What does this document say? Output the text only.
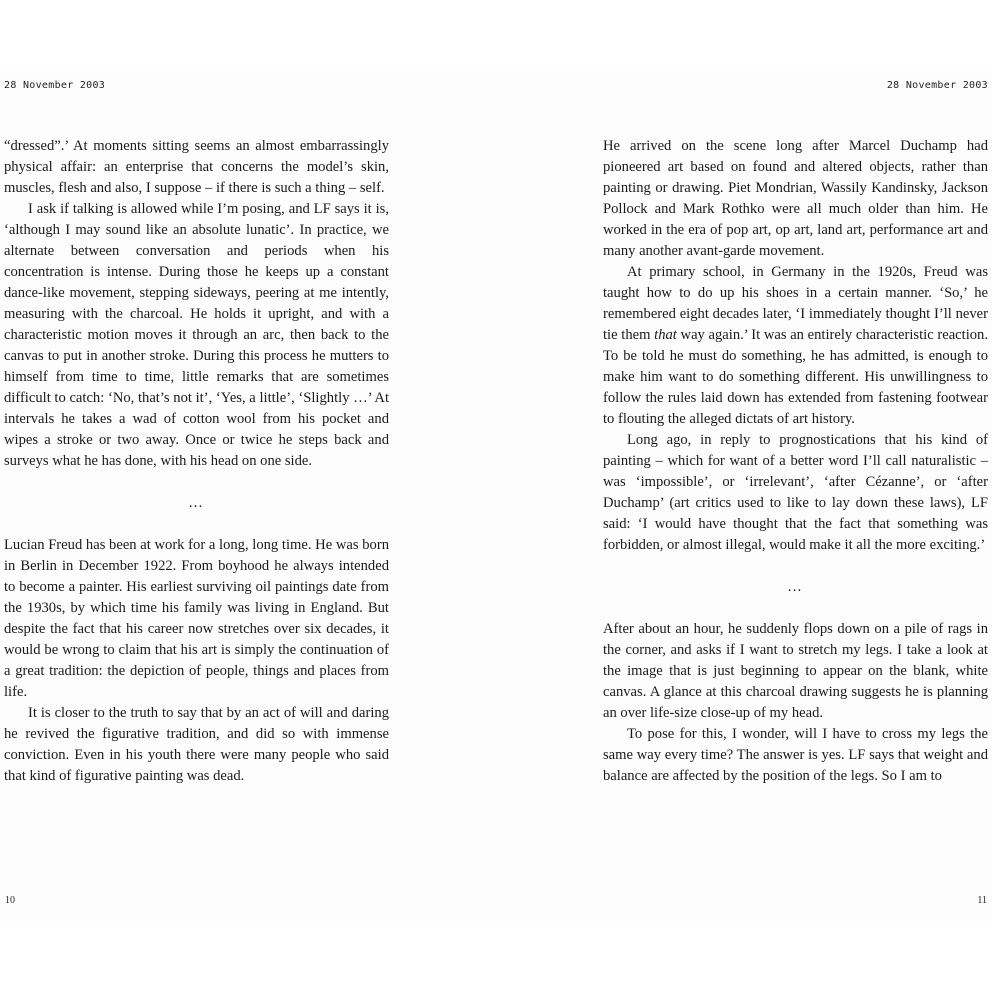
28 November 2003	28 November 2003

“dressed”.’ At moments sitting seems an almost embarrassingly physical affair: an enterprise that concerns the model’s skin, muscles, flesh and also, I suppose – if there is such a thing – self.

I ask if talking is allowed while I’m posing, and LF says it is, ‘although I may sound like an absolute lunatic’. In practice, we alternate between conversation and periods when his concentration is intense. During those he keeps up a constant dance-like movement, stepping sideways, peering at me intently, measuring with the charcoal. He holds it upright, and with a characteristic motion moves it through an arc, then back to the canvas to put in another stroke. During this process he mutters to himself from time to time, little remarks that are sometimes difficult to catch: ‘No, that’s not it’, ‘Yes, a little’, ‘Slightly …’ At intervals he takes a wad of cotton wool from his pocket and wipes a stroke or two away. Once or twice he steps back and surveys what he has done, with his head on one side.

…

Lucian Freud has been at work for a long, long time. He was born in Berlin in December 1922. From boyhood he always intended to become a painter. His earliest surviving oil paintings date from the 1930s, by which time his family was living in England. But despite the fact that his career now stretches over six decades, it would be wrong to claim that his art is simply the continuation of a great tradition: the depiction of people, things and places from life.

It is closer to the truth to say that by an act of will and daring he revived the figurative tradition, and did so with immense conviction. Even in his youth there were many people who said that kind of figurative painting was dead.

He arrived on the scene long after Marcel Duchamp had pioneered art based on found and altered objects, rather than painting or drawing. Piet Mondrian, Wassily Kandinsky, Jackson Pollock and Mark Rothko were all much older than him. He worked in the era of pop art, op art, land art, performance art and many another avant-garde movement.

At primary school, in Germany in the 1920s, Freud was taught how to do up his shoes in a certain manner. ‘So,’ he remembered eight decades later, ‘I immediately thought I’ll never tie them that way again.’ It was an entirely characteristic reaction. To be told he must do something, he has admitted, is enough to make him want to do something different. His unwillingness to follow the rules laid down has extended from fastening footwear to flouting the alleged dictats of art history.

Long ago, in reply to prognostications that his kind of painting – which for want of a better word I’ll call naturalistic – was ‘impossible’, or ‘irrelevant’, ‘after Cézanne’, or ‘after Duchamp’ (art critics used to like to lay down these laws), LF said: ‘I would have thought that the fact that something was forbidden, or almost illegal, would make it all the more exciting.’

…

After about an hour, he suddenly flops down on a pile of rags in the corner, and asks if I want to stretch my legs. I take a look at the image that is just beginning to appear on the blank, white canvas. A glance at this charcoal drawing suggests he is planning an over life-size close-up of my head.

To pose for this, I wonder, will I have to cross my legs the same way every time? The answer is yes. LF says that weight and balance are affected by the position of the legs. So I am to

10	11
